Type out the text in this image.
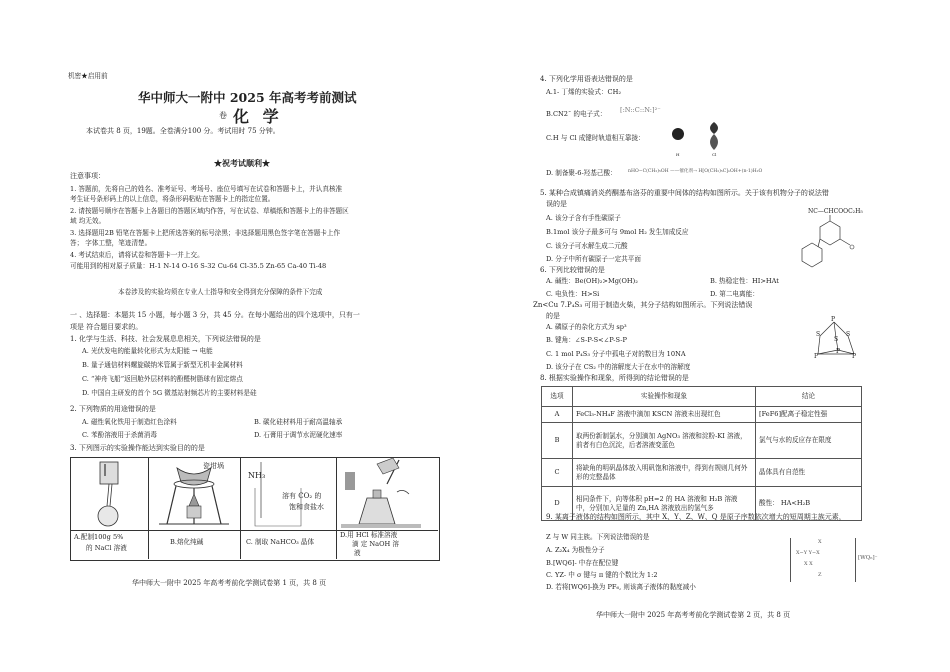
机密★启用前
华中师大一附中 2025 年高考考前测试
卷 化 学
本试卷共 8 页，19题。全卷满分100 分。考试用时 75 分钟。
★祝考试顺利★
注意事项：
1. 答题前，先将自己的姓名、准考证号、考场号、座位号填写在试卷和答题卡上，并认真核准
考生证号条形码上的以上信息，将条形码粘贴在答题卡上的指定位置。
2. 请按题号顺序在答题卡上各题目的答题区域内作答，写在试卷、草稿纸和答题卡上的非答题区
域 均无效。
3. 选择题用2B 铅笔在答题卡上把所选答案的标号涂黑；非选择题用黑色签字笔在答题卡上作
答； 字体工整，笔迹清楚。
4. 考试结束后，请将试卷和答题卡一并上交。
可能用到的相对原子质量：H-1 N-14 O-16 S-32 Cu-64 Cl-35.5 Zn-65 Ca-40 Ti-48
本卷涉及的实验均须在专业人士指导和安全得到充分保障的条件下完成
一 、选择题：本题共 15 小题，每小题 3 分，共 45 分。在每小题给出的四个选项中，只有一
项是 符合题目要求的。
1. 化学与生活、科技、社会发展息息相关，下列说法错误的是
A. 光伏发电的能量转化形式为太阳能 → 电能
B. 量子通信材料螺旋碳纳米管属于新型无机非金属材料
C. “神舟飞船”返回舱外层材料的酚醛树脂球有固定熔点
D. 中国自主研发的首个 5G 微基站射频芯片的主要材料是硅
2. 下列物质的用途错误的是
A. 磁性氧化铁用于制造红色涂料	B. 碳化硅材料用于耐高温轴承
C. 苯酚溶液用于杀菌消毒	D. 石膏用于调节水泥硬化速率
3. 下列图示的实验操作能达到实验目的的是
瓷坩埚
NH₃
溶有 CO₂ 的
饱和食盐水
A.配制100g 5%
的 NaCl 溶液
B.熔化纯碱	C. 制取 NaHCO₃ 晶体
D.用 HCl 标准溶液
滴 定 NaOH 溶
液
华中师大一附中 2025 年高考考前化学测试卷第 1 页，共 8 页
4. 下列化学用语表达错误的是
A.1- 丁烯的实验式：CH₂
B.CN2ˉ 的电子式： [:N::C::N:]²⁻
C.H 与 Cl 成键时轨道相互靠拢：
H	Cl
D. 制备聚-6-羟基己酸： nHO−C(CH₂)₅OH ——催化剂→ H[O(CH₂)₅C]ₙOH+(n-1)H₂O
5. 某种合成镇痛消炎药酮基布洛芬的重要中间体的结构如图所示。关于该有机物分子的说法错
误的是
NC—CHCOOC₂H₅
A. 该分子含有手性碳原子
B.1mol 该分子最多可与 9mol H₂ 发生加成反应
C. 该分子可水解生成二元酸
D. 分子中所有碳原子一定共平面
6. 下列比较错误的是
A. 碱性：Be(OH)₂>Mg(OH)₂	B. 热稳定性：HI>HAt
C. 电负性：H>Si	D. 第二电离能：
Zn<Cu 7.P₄S₃ 可用于制造火柴，其分子结构如图所示。下列说法错误
的是	P
S	S
S
P	P
P
A. 磷原子的杂化方式为 sp³
B. 键角：∠S-P-S<∠P-S-P
C. 1 mol P₄S₃ 分子中孤电子对的数目为 10NA
D. 该分子在 CS₂ 中的溶解度大于在水中的溶解度
8. 根据实验操作和现象，所得到的结论错误的是
选项	实验操作和现象	结论
A	FeCl₃-NH₄F 溶液中滴加 KSCN 溶液未出现红色	[FeF6]配离子稳定性强
B	取两份新制氯水，分别滴加 AgNO₃ 溶液和淀粉-KI 溶液，前者有白色沉淀，后者溶液变蓝色	氯气与水的反应存在限度
C	将缺角的明矾晶体放入明矾饱和溶液中，得到有规则几何外形的完整晶体	晶体具有自范性
D	相同条件下，向等体积 pH=2 的 HA 溶液和 H₂B 溶液 中，分别加入足量的 Zn,HA 溶液放出的氢气多	酸性： HA<H₂B
9. 某离子液体的结构如图所示，其中 X、Y、Z、W、Q 是原子序数依次增大的短周期主族元素，
Z 与 W 同主族。下列说法错误的是
A. Z₂X₄ 为极性分子
B.[WQ6]- 中存在配位键
C. YZ- 中 σ 键与 π 键的个数比为 1:2
D. 若将[WQ6]-换为 PF₆, 则该离子液体的黏度减小
X
X−Y Y−X
X X
Z
[WQ₆]⁻
华中师大一附中 2025 年高考考前化学测试卷第 2 页，共 8 页
